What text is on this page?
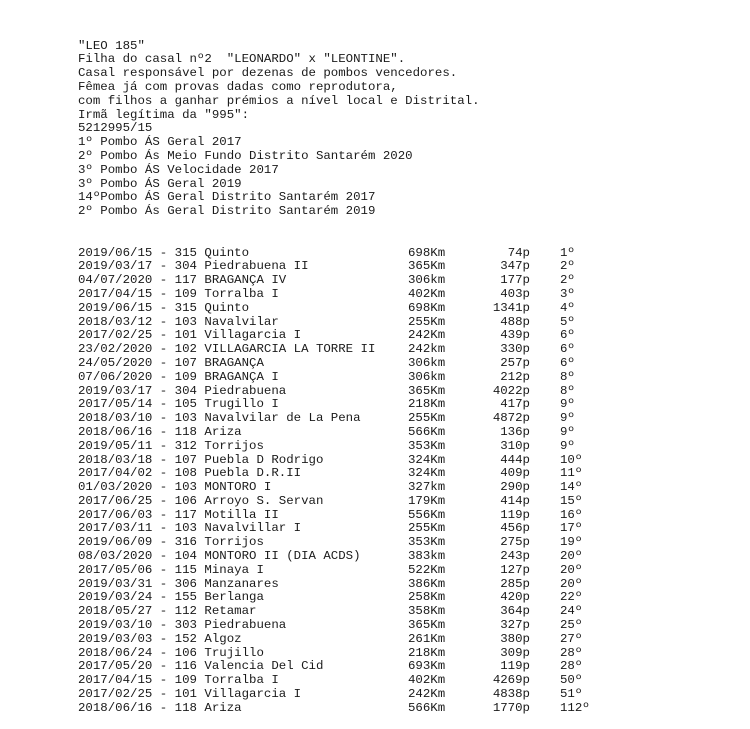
"LEO 185"
Filha do casal nº2  "LEONARDO" x "LEONTINE".
Casal responsável por dezenas de pombos vencedores.
Fêmea já com provas dadas como reprodutora,
com filhos a ganhar prémios a nível local e Distrital.
Irmã legítima da "995":
5212995/15
1º Pombo ÁS Geral 2017
2º Pombo Ás Meio Fundo Distrito Santarém 2020
3º Pombo ÁS Velocidade 2017
3º Pombo ÁS Geral 2019
14ºPombo ÁS Geral Distrito Santarém 2017
2º Pombo Ás Geral Distrito Santarém 2019

2019/06/15 - 315 Quinto	698Km	74p 1º
2019/03/17 - 304 Piedrabuena II	365Km	347p 2º
04/07/2020 - 117 BRAGANÇA IV	306km	177p 2º
2017/04/15 - 109 Torralba I	402Km	403p 3º
2019/06/15 - 315 Quinto	698Km	1341p 4º
2018/03/12 - 103 Navalvilar	255Km	488p 5º
2017/02/25 - 101 Villagarcia I	242Km	439p 6º
23/02/2020 - 102 VILLAGARCIA LA TORRE II	242km	330p 6º
24/05/2020 - 107 BRAGANÇA	306km	257p 6º
07/06/2020 - 109 BRAGANÇA I	306km	212p 8º
2019/03/17 - 304 Piedrabuena	365Km	4022p 8º
2017/05/14 - 105 Trugillo I	218Km	417p 9º
2018/03/10 - 103 Navalvilar de La Pena	255Km	4872p 9º
2018/06/16 - 118 Ariza	566Km	136p 9º
2019/05/11 - 312 Torrijos	353Km	310p 9º
2018/03/18 - 107 Puebla D Rodrigo	324Km	444p 10º
2017/04/02 - 108 Puebla D.R.II	324Km	409p 11º
01/03/2020 - 103 MONTORO I	327km	290p 14º
2017/06/25 - 106 Arroyo S. Servan	179Km	414p 15º
2017/06/03 - 117 Motilla II	556Km	119p 16º
2017/03/11 - 103 Navalvillar I	255Km	456p 17º
2019/06/09 - 316 Torrijos	353Km	275p 19º
08/03/2020 - 104 MONTORO II (DIA ACDS)	383km	243p 20º
2017/05/06 - 115 Minaya I	522Km	127p 20º
2019/03/31 - 306 Manzanares	386Km	285p 20º
2019/03/24 - 155 Berlanga	258Km	420p 22º
2018/05/27 - 112 Retamar	358Km	364p 24º
2019/03/10 - 303 Piedrabuena	365Km	327p 25º
2019/03/03 - 152 Algoz	261Km	380p 27º
2018/06/24 - 106 Trujillo	218Km	309p 28º
2017/05/20 - 116 Valencia Del Cid	693Km	119p 28º
2017/04/15 - 109 Torralba I	402Km	4269p 50º
2017/02/25 - 101 Villagarcia I	242Km	4838p 51º
2018/06/16 - 118 Ariza	566Km	1770p 112º
